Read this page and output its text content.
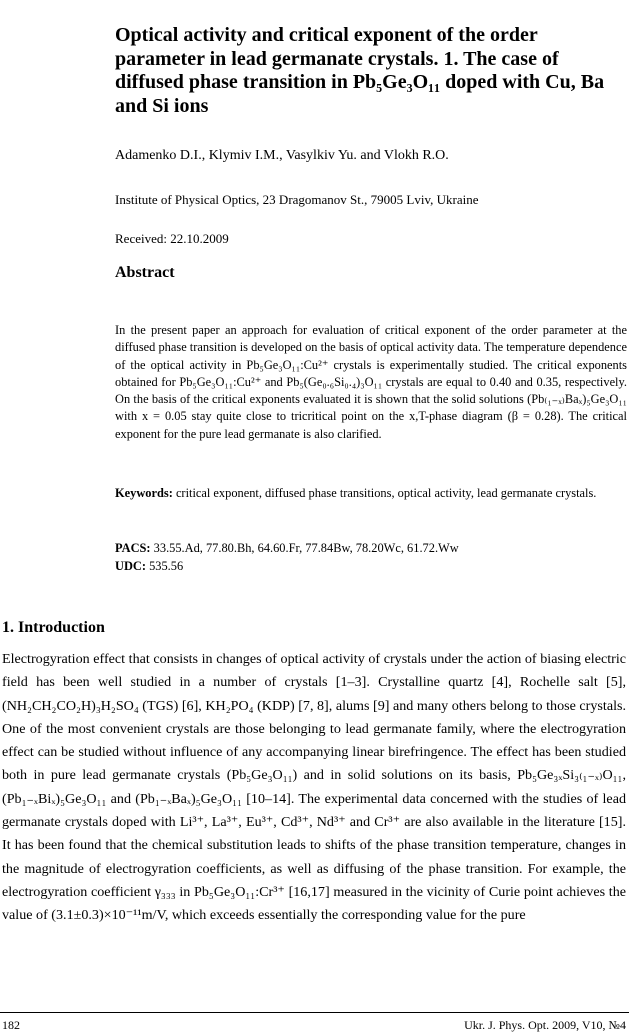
Optical activity and critical exponent of the order parameter in lead germanate crystals. 1. The case of diffused phase transition in Pb₅Ge₃O₁₁ doped with Cu, Ba and Si ions
Adamenko D.I., Klymiv I.M., Vasylkiv Yu. and Vlokh R.O.
Institute of Physical Optics, 23 Dragomanov St., 79005 Lviv, Ukraine
Received: 22.10.2009
Abstract
In the present paper an approach for evaluation of critical exponent of the order parameter at the diffused phase transition is developed on the basis of optical activity data. The temperature dependence of the optical activity in Pb₅Ge₃O₁₁:Cu²⁺ crystals is experimentally studied. The critical exponents obtained for Pb₅Ge₃O₁₁:Cu²⁺ and Pb₅(Ge₀.₆Si₀.₄)₃O₁₁ crystals are equal to 0.40 and 0.35, respectively. On the basis of the critical exponents evaluated it is shown that the solid solutions (Pb₍₁₋ₓ₎Baₓ)₅Ge₃O₁₁ with x = 0.05 stay quite close to tricritical point on the x,T-phase diagram (β = 0.28). The critical exponent for the pure lead germanate is also clarified.
Keywords: critical exponent, diffused phase transitions, optical activity, lead germanate crystals.
PACS: 33.55.Ad, 77.80.Bh, 64.60.Fr, 77.84Bw, 78.20Wc, 61.72.Ww
UDC: 535.56
1. Introduction
Electrogyration effect that consists in changes of optical activity of crystals under the action of biasing electric field has been well studied in a number of crystals [1–3]. Crystalline quartz [4], Rochelle salt [5], (NH₂CH₂CO₂H)₃H₂SO₄ (TGS) [6], KH₂PO₄ (KDP) [7, 8], alums [9] and many others belong to those crystals. One of the most convenient crystals are those belonging to lead germanate family, where the electrogyration effect can be studied without influence of any accompanying linear birefringence. The effect has been studied both in pure lead germanate crystals (Pb₅Ge₃O₁₁) and in solid solutions on its basis, Pb₅Ge₃ₓSi₃₍₁₋ₓ₎O₁₁, (Pb₁₋ₓBiₓ)₅Ge₃O₁₁ and (Pb₁₋ₓBaₓ)₅Ge₃O₁₁ [10–14]. The experimental data concerned with the studies of lead germanate crystals doped with Li³⁺, La³⁺, Eu³⁺, Cd³⁺, Nd³⁺ and Cr³⁺ are also available in the literature [15]. It has been found that the chemical substitution leads to shifts of the phase transition temperature, changes in the magnitude of electrogyration coefficients, as well as diffusing of the phase transition. For example, the electrogyration coefficient γ₃₃₃ in Pb₅Ge₃O₁₁:Cr³⁺ [16,17] measured in the vicinity of Curie point achieves the value of (3.1±0.3)×10⁻¹¹m/V, which exceeds essentially the corresponding value for the pure
182	Ukr. J. Phys. Opt. 2009, V10, №4
